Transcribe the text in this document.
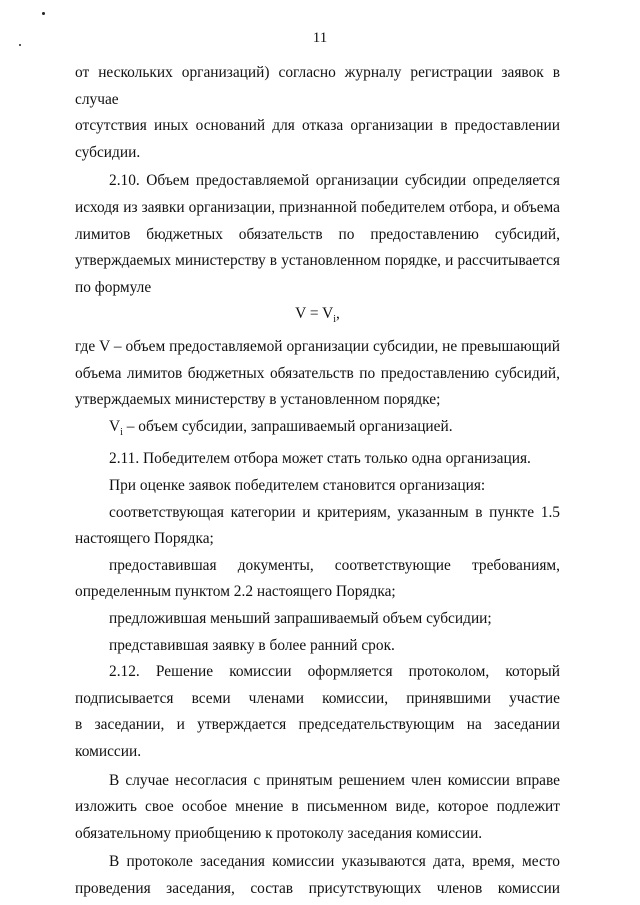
11
от нескольких организаций) согласно журналу регистрации заявок в случае
отсутствия иных оснований для отказа организации в предоставлении
субсидии.
2.10. Объем предоставляемой организации субсидии определяется
исходя из заявки организации, признанной победителем отбора, и объема
лимитов бюджетных обязательств по предоставлению субсидий,
утверждаемых министерству в установленном порядке, и рассчитывается
по формуле
$V = V_i$,
где V – объем предоставляемой организации субсидии, не превышающий
объема лимитов бюджетных обязательств по предоставлению субсидий,
утверждаемых министерству в установленном порядке;
$V_i$ – объем субсидии, запрашиваемый организацией.
2.11. Победителем отбора может стать только одна организация.
При оценке заявок победителем становится организация:
соответствующая категории и критериям, указанным в пункте 1.5
настоящего Порядка;
предоставившая документы, соответствующие требованиям,
определенным пунктом 2.2 настоящего Порядка;
предложившая меньший запрашиваемый объем субсидии;
представившая заявку в более ранний срок.
2.12. Решение комиссии оформляется протоколом, который
подписывается всеми членами комиссии, принявшими участие
в заседании, и утверждается председательствующим на заседании
комиссии.
В случае несогласия с принятым решением член комиссии вправе
изложить свое особое мнение в письменном виде, которое подлежит
обязательному приобщению к протоколу заседания комиссии.
В протоколе заседания комиссии указываются дата, время, место
проведения заседания, состав присутствующих членов комиссии
